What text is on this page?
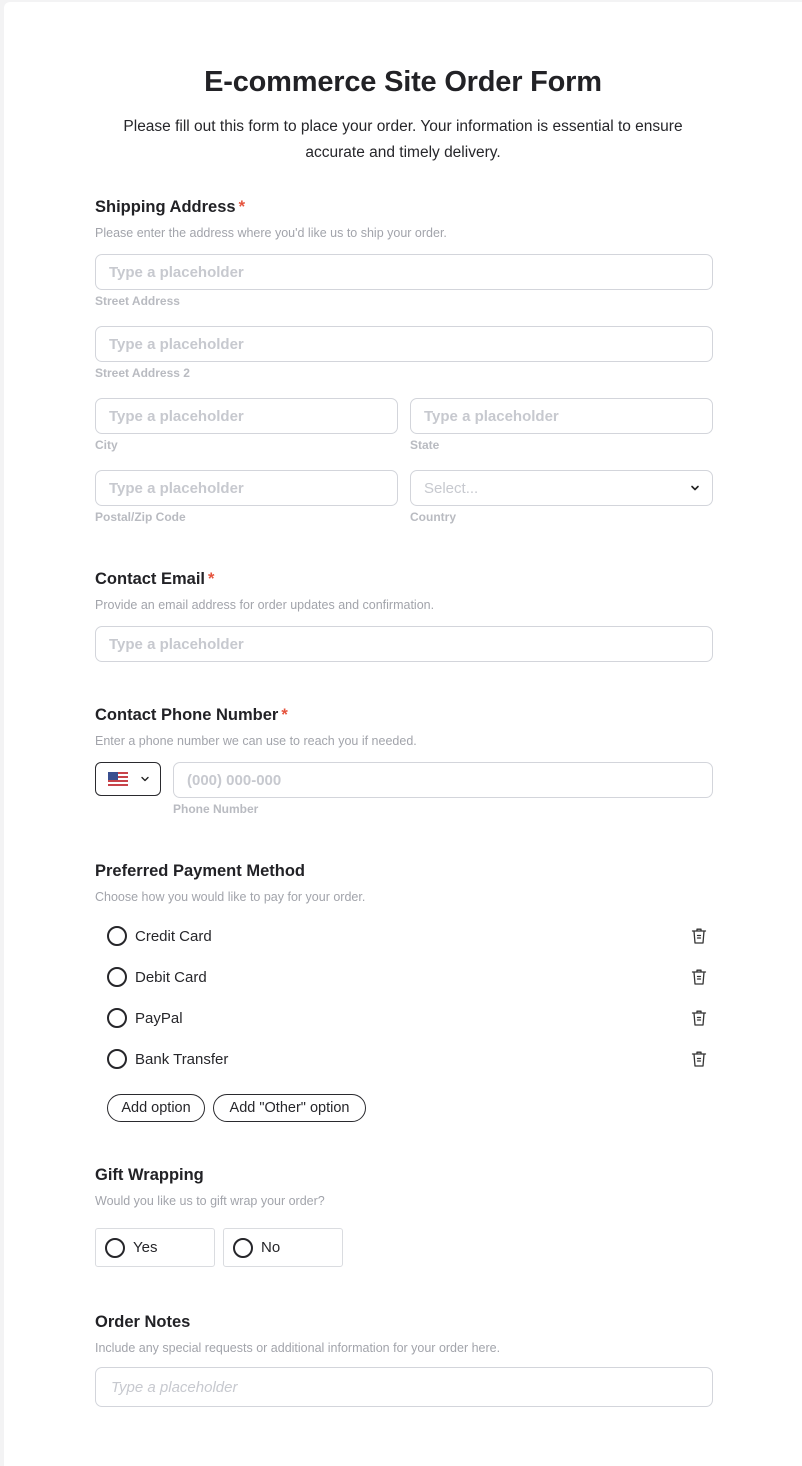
E-commerce Site Order Form
Please fill out this form to place your order. Your information is essential to ensure accurate and timely delivery.
Shipping Address *
Please enter the address where you'd like us to ship your order.
Type a placeholder
Street Address
Type a placeholder
Street Address 2
Type a placeholder
City
Type a placeholder
State
Type a placeholder
Postal/Zip Code
Select...
Country
Contact Email *
Provide an email address for order updates and confirmation.
Type a placeholder
Contact Phone Number *
Enter a phone number we can use to reach you if needed.
(000) 000-000
Phone Number
Preferred Payment Method
Choose how you would like to pay for your order.
Credit Card
Debit Card
PayPal
Bank Transfer
Add option	Add "Other" option
Gift Wrapping
Would you like us to gift wrap your order?
Yes	No
Order Notes
Include any special requests or additional information for your order here.
Type a placeholder
